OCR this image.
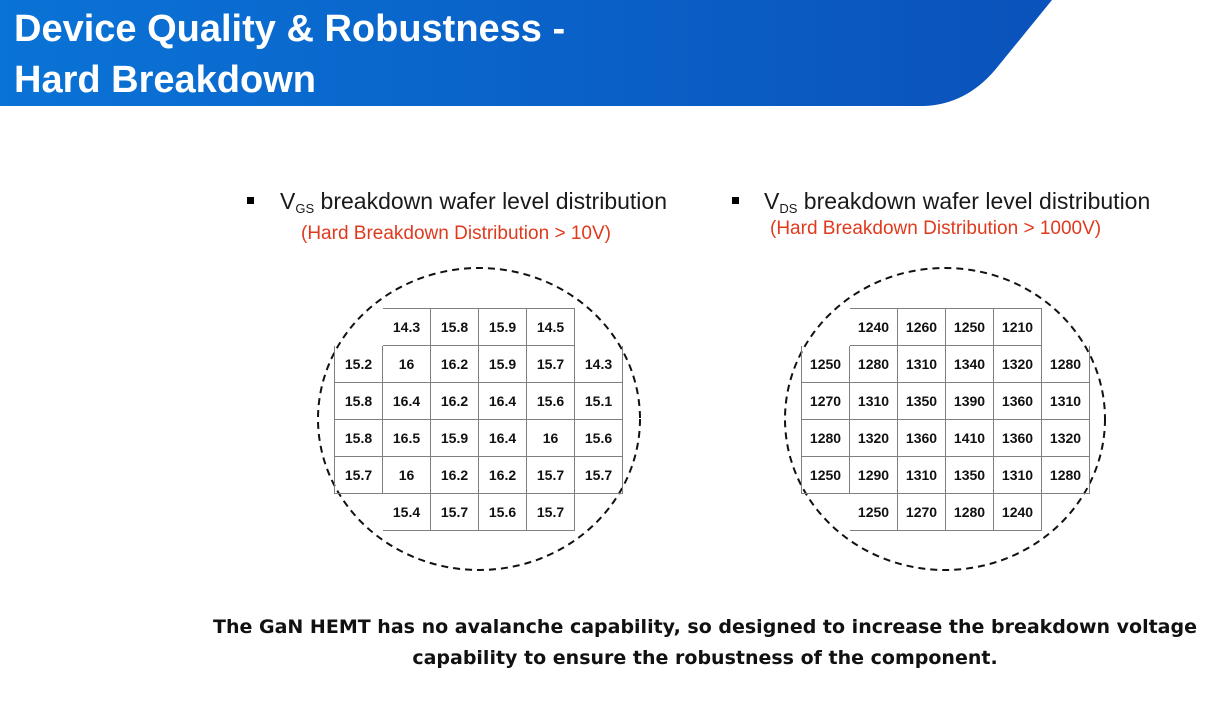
Device Quality & Robustness -
Hard Breakdown
$V_{GS}$ breakdown wafer level distribution
(Hard Breakdown Distribution > 10V)
$V_{DS}$ breakdown wafer level distribution
(Hard Breakdown Distribution > 1000V)
	14.3	15.8	15.9	14.5	
15.2	16	16.2	15.9	15.7	14.3
15.8	16.4	16.2	16.4	15.6	15.1
15.8	16.5	15.9	16.4	16	15.6
15.7	16	16.2	16.2	15.7	15.7
	15.4	15.7	15.6	15.7	
	1240	1260	1250	1210	
1250	1280	1310	1340	1320	1280
1270	1310	1350	1390	1360	1310
1280	1320	1360	1410	1360	1320
1250	1290	1310	1350	1310	1280
	1250	1270	1280	1240	
The GaN HEMT has no avalanche capability, so designed to increase the breakdown voltage
capability to ensure the robustness of the component.
